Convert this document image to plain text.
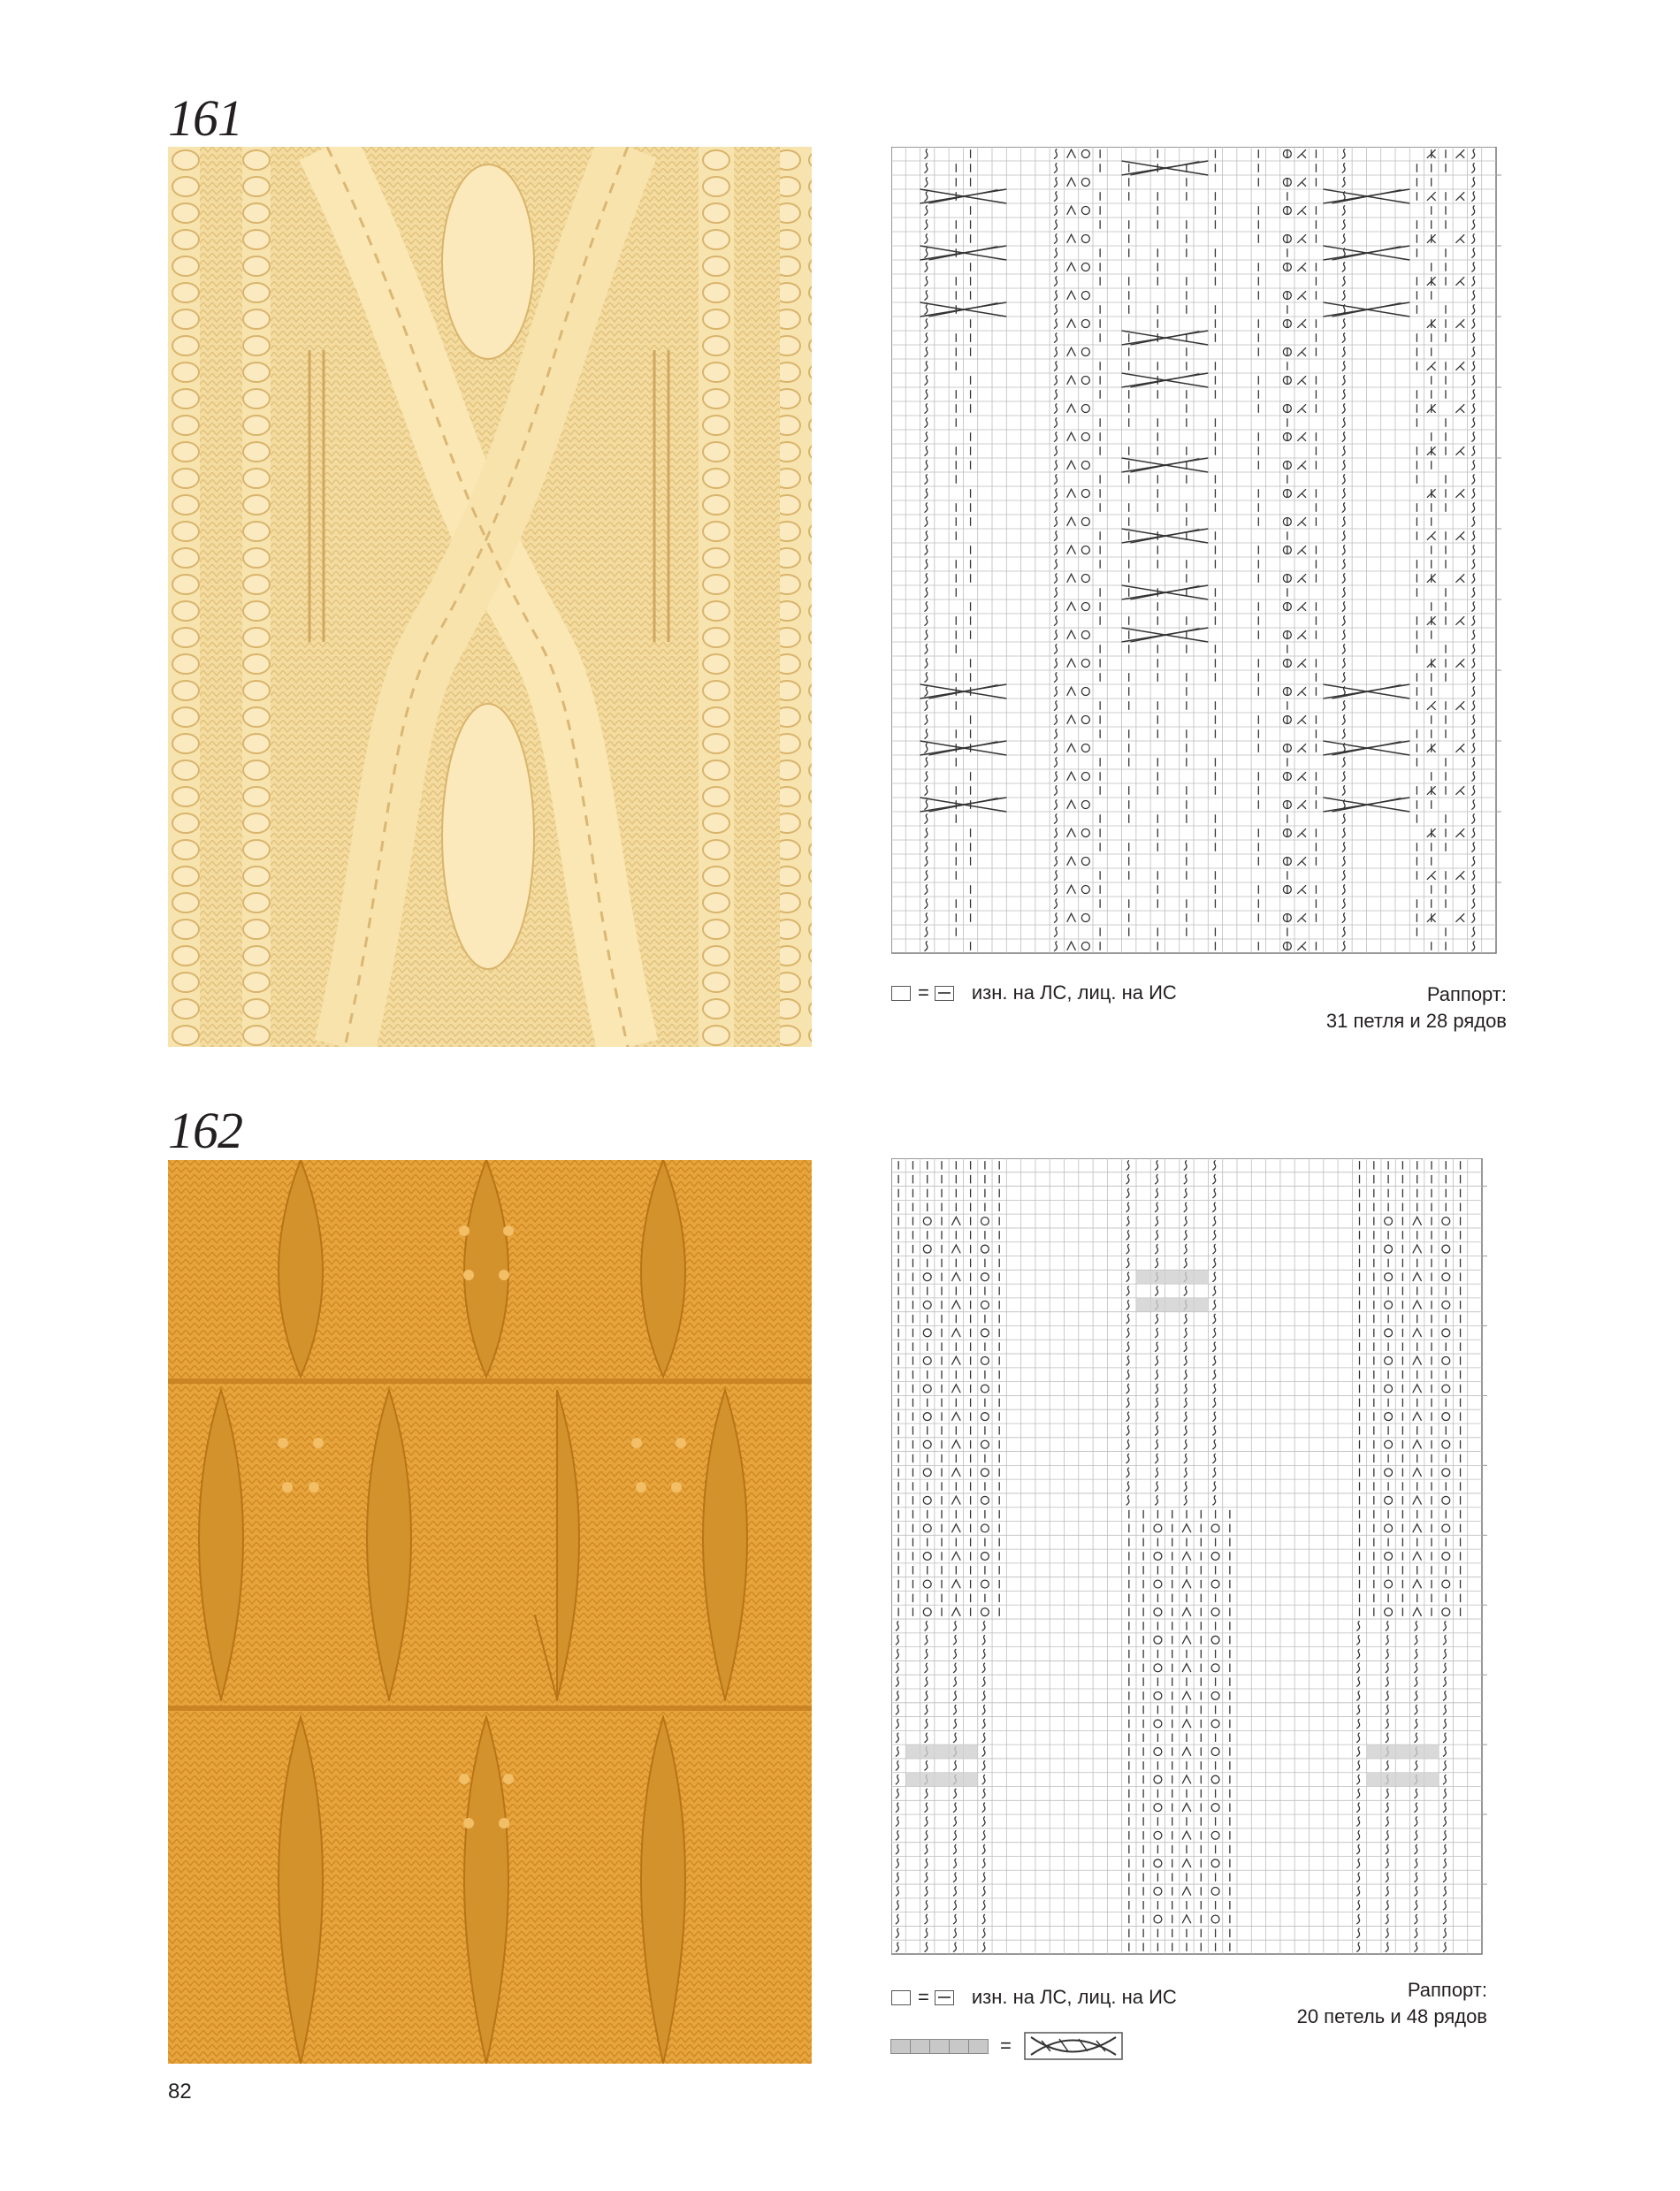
161
= изн. на ЛС, лиц. на ИС	Раппорт:
31 петля и 28 рядов
162
= изн. на ЛС, лиц. на ИС	Раппорт:
20 петель и 48 рядов
=
82
